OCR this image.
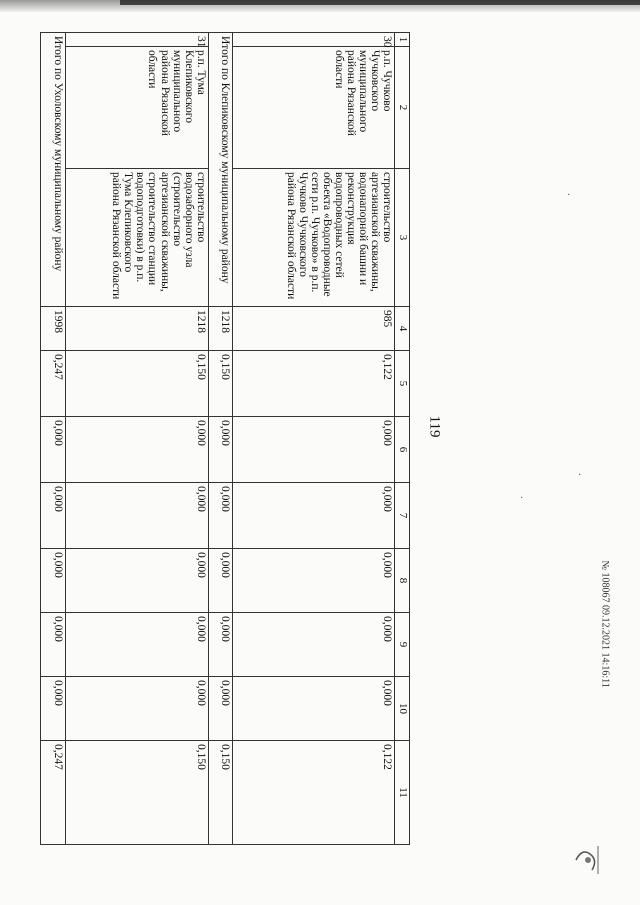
119
1	2	3	4	5	6	7	8	9	10	11
30	р.п. Чучково Чучковского муниципального района Рязанской области	строительство артезианской скважины, водонапорной башни и реконструкция водопроводных сетей объекта «Водопроводные сети р.п. Чучково» в р.п. Чучково Чучковского района Рязанской области	985	0,122	0,000	0,000	0,000	0,000	0,000	0,122
Итого по Клепиковскому муниципальному району			1218	0,150	0,000	0,000	0,000	0,000	0,000	0,150
31	р.п. Тума Клепиковского муниципального района Рязанской области	строительство водозаборного узла (строительство артезианской скважины, строительство станции водоподготовки) в р.п. Тума Клепиковского района Рязанской области	1218	0,150	0,000	0,000	0,000	0,000	0,000	0,150
Итого по Ухоловскому муниципальному району			1998	0,247	0,000	0,000	0,000	0,000	0,000	0,247
№ 108067 09.12.2021 14:16:11
·
·
·
